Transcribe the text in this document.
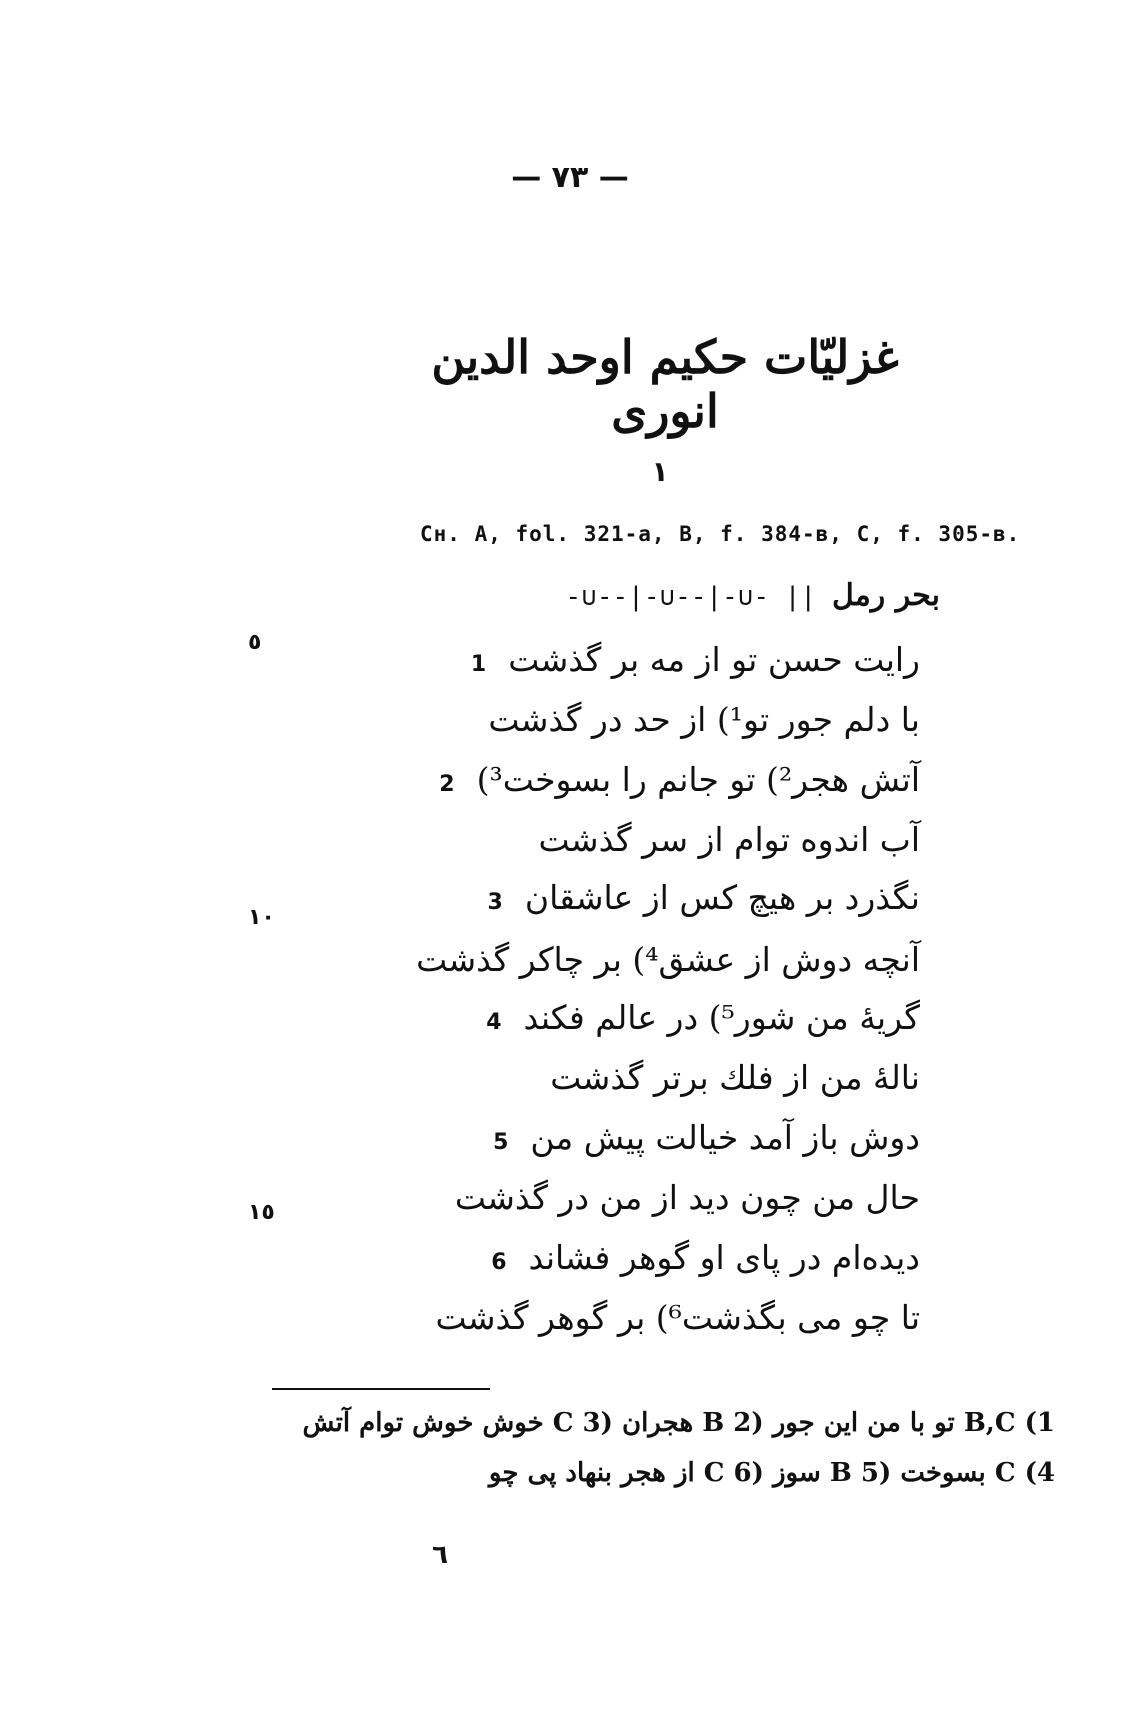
— ۷۳ —
غزلیّات حکیم اوحد الدین انوری
١
Сн. A, fol. 321-a, B, f. 384-в, C, f. 305-в.
بحر رمل
-∪--|-∪--|-∪- ||
٥
١٠
١٥
رایت حسن تو از مه بر گذشت1
با دلم جور تو¹) از حد در گذشت
آتش هجر²) تو جانم را بسوخت³)2
آب اندوه توام از سر گذشت
نگذرد بر هیچ کس از عاشقان3
آنچه دوش از عشق⁴) بر چاکر گذشت
گریهٔ من شور⁵) در عالم فکند4
نالهٔ من از فلك برتر گذشت
دوش باز آمد خیالت پیش من5
حال من چون دید از من در گذشت
دیده‌ام در پای او گوهر فشاند6
تا چو می بگذشت⁶) بر گوهر گذشت
1) B,C تو با من این جور (2 B هجران (3 C خوش خوش توام آتش
4) C بسوخت (5 B سوز (6 C از هجر بنهاد پی چو
٦
